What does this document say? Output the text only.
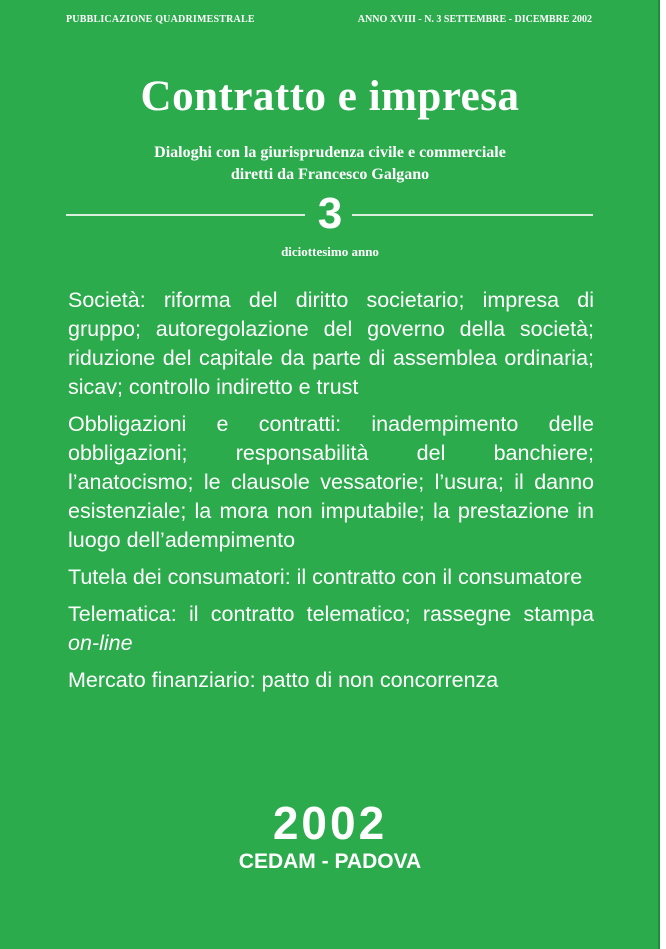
PUBBLICAZIONE QUADRIMESTRALE	ANNO XVIII - N. 3 SETTEMBRE - DICEMBRE 2002
Contratto e impresa
Dialoghi con la giurisprudenza civile e commerciale
diretti da Francesco Galgano
3
diciottesimo anno

Società: riforma del diritto societario; impresa di gruppo; autoregolazione del governo della società; riduzione del capitale da parte di assemblea ordinaria; sicav; controllo indiretto e trust

Obbligazioni e contratti: inadempimento delle obbligazioni; responsabilità del banchiere; l’anatocismo; le clausole vessatorie; l’usura; il danno esistenziale; la mora non imputabile; la prestazione in luogo dell’adempimento

Tutela dei consumatori: il contratto con il consumatore

Telematica: il contratto telematico; rassegne stampa on-line

Mercato finanziario: patto di non concorrenza

2002
CEDAM - PADOVA
